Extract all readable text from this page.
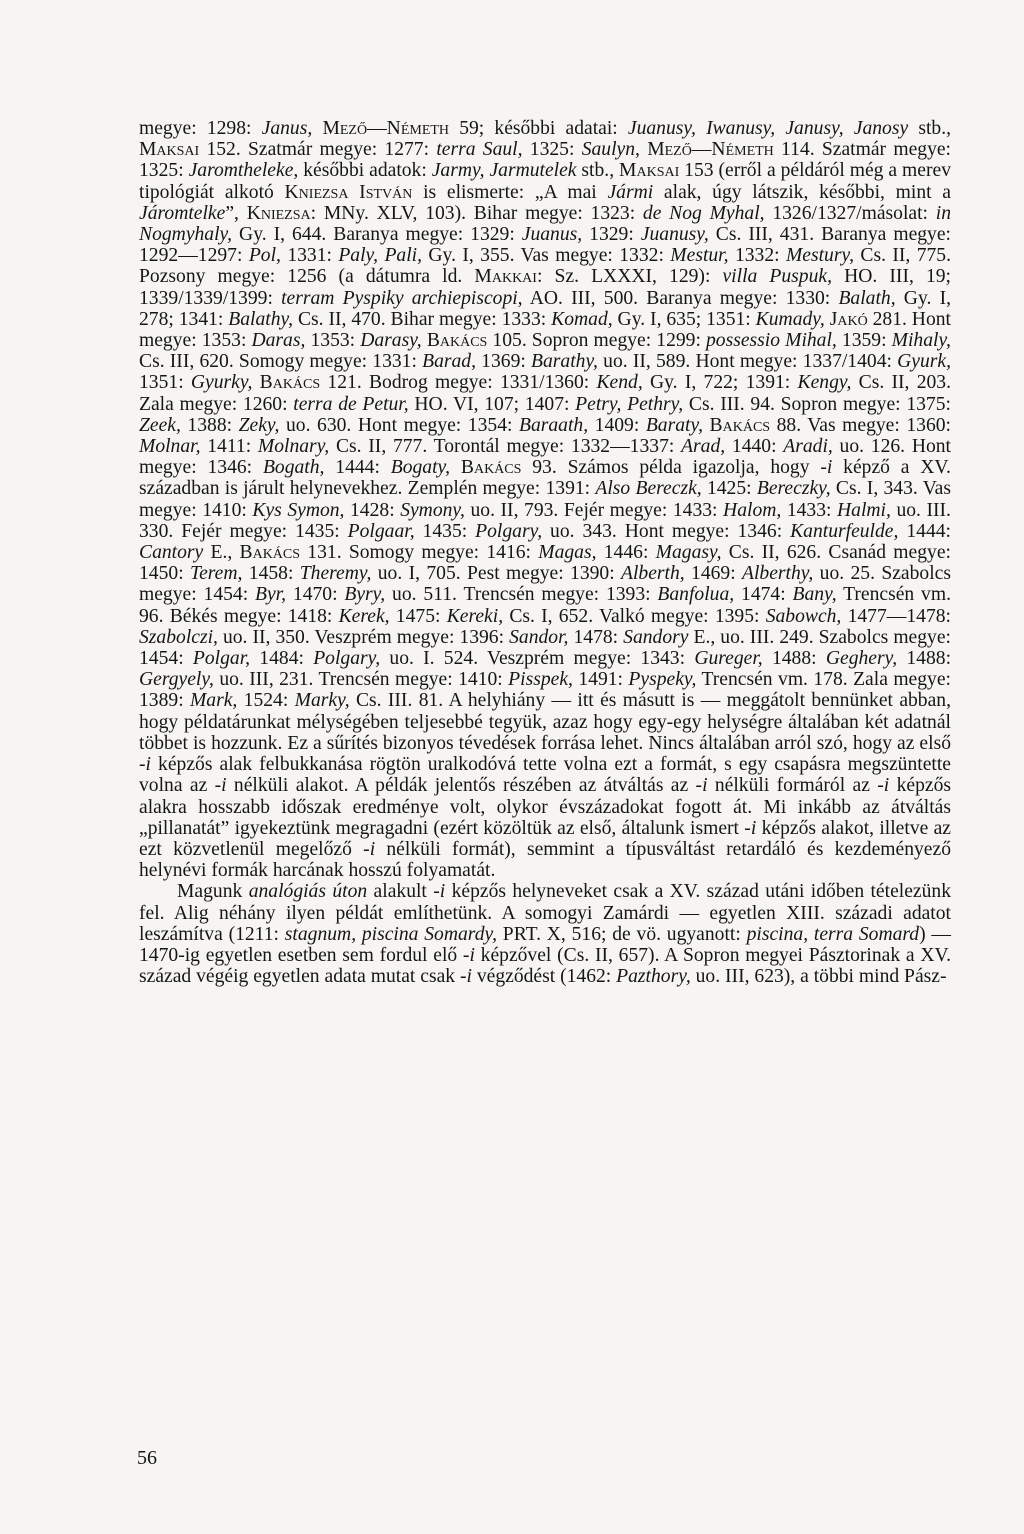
megye: 1298: Janus, Mező—Németh 59; későbbi adatai: Juanusy, Iwanusy, Janusy, Janosy stb., Maksai 152. Szatmár megye: 1277: terra Saul, 1325: Saulyn, Mező—Németh 114. Szatmár megye: 1325: Jaromtheleke, későbbi adatok: Jarmy, Jarmutelek stb., Maksai 153 (erről a példáról még a merev tipológiát alkotó Kniezsa István is elismerte: „A mai Jármi alak, úgy látszik, későbbi, mint a Járomtelke”, Kniezsa: MNy. XLV, 103). Bihar megye: 1323: de Nog Myhal, 1326/1327/másolat: in Nogmyhaly, Gy. I, 644. Baranya megye: 1329: Juanus, 1329: Juanusy, Cs. III, 431. Baranya megye: 1292—1297: Pol, 1331: Paly, Pali, Gy. I, 355. Vas megye: 1332: Mestur, 1332: Mestury, Cs. II, 775. Pozsony megye: 1256 (a dátumra ld. Makkai: Sz. LXXXI, 129): villa Puspuk, HO. III, 19; 1339/1339/1399: terram Pyspiky archiepiscopi, AO. III, 500. Baranya megye: 1330: Balath, Gy. I, 278; 1341: Balathy, Cs. II, 470. Bihar megye: 1333: Komad, Gy. I, 635; 1351: Kumady, Jakó 281. Hont megye: 1353: Daras, 1353: Darasy, Bakács 105. Sopron megye: 1299: possessio Mihal, 1359: Mihaly, Cs. III, 620. Somogy megye: 1331: Barad, 1369: Barathy, uo. II, 589. Hont megye: 1337/1404: Gyurk, 1351: Gyurky, Bakács 121. Bodrog megye: 1331/1360: Kend, Gy. I, 722; 1391: Kengy, Cs. II, 203. Zala megye: 1260: terra de Petur, HO. VI, 107; 1407: Petry, Pethry, Cs. III. 94. Sopron megye: 1375: Zeek, 1388: Zeky, uo. 630. Hont megye: 1354: Baraath, 1409: Baraty, Bakács 88. Vas megye: 1360: Molnar, 1411: Molnary, Cs. II, 777. Torontál megye: 1332—1337: Arad, 1440: Aradi, uo. 126. Hont megye: 1346: Bogath, 1444: Bogaty, Bakács 93. Számos példa igazolja, hogy -i képző a XV. században is járult helynevekhez. Zemplén megye: 1391: Also Bereczk, 1425: Bereczky, Cs. I, 343. Vas megye: 1410: Kys Symon, 1428: Symony, uo. II, 793. Fejér megye: 1433: Halom, 1433: Halmi, uo. III. 330. Fejér megye: 1435: Polgaar, 1435: Polgary, uo. 343. Hont megye: 1346: Kanturfeulde, 1444: Cantory E., Bakács 131. Somogy megye: 1416: Magas, 1446: Magasy, Cs. II, 626. Csanád megye: 1450: Terem, 1458: Theremy, uo. I, 705. Pest megye: 1390: Alberth, 1469: Alberthy, uo. 25. Szabolcs megye: 1454: Byr, 1470: Byry, uo. 511. Trencsén megye: 1393: Banfolua, 1474: Bany, Trencsén vm. 96. Békés megye: 1418: Kerek, 1475: Kereki, Cs. I, 652. Valkó megye: 1395: Sabowch, 1477—1478: Szabolczi, uo. II, 350. Veszprém megye: 1396: Sandor, 1478: Sandory E., uo. III. 249. Szabolcs megye: 1454: Polgar, 1484: Polgary, uo. I. 524. Veszprém megye: 1343: Gureger, 1488: Geghery, 1488: Gergyely, uo. III, 231. Trencsén megye: 1410: Pisspek, 1491: Pyspeky, Trencsén vm. 178. Zala megye: 1389: Mark, 1524: Marky, Cs. III. 81. A helyhiány — itt és másutt is — meggátolt bennünket abban, hogy példatárunkat mélységében teljesebbé tegyük, azaz hogy egy-egy helységre általában két adatnál többet is hozzunk. Ez a sűrítés bizonyos tévedések forrása lehet. Nincs általában arról szó, hogy az első -i képzős alak felbukkanása rögtön uralkodóvá tette volna ezt a formát, s egy csapásra megszüntette volna az -i nélküli alakot. A példák jelentős részében az átváltás az -i nélküli formáról az -i képzős alakra hosszabb időszak eredménye volt, olykor évszázadokat fogott át. Mi inkább az átváltás „pillanatát” igyekeztünk megragadni (ezért közöltük az első, általunk ismert -i képzős alakot, illetve az ezt közvetlenül megelőző -i nélküli formát), semmint a típusváltást retardáló és kezdeményező helynévi formák harcának hosszú folyamatát.

Magunk analógiás úton alakult -i képzős helyneveket csak a XV. század utáni időben tételezünk fel. Alig néhány ilyen példát említhetünk. A somogyi Zamárdi — egyetlen XIII. századi adatot leszámítva (1211: stagnum, piscina Somardy, PRT. X, 516; de vö. ugyanott: piscina, terra Somard) — 1470-ig egyetlen esetben sem fordul elő -i képzővel (Cs. II, 657). A Sopron megyei Pásztorinak a XV. század végéig egyetlen adata mutat csak -i végződést (1462: Pazthory, uo. III, 623), a többi mind Pász-

56
